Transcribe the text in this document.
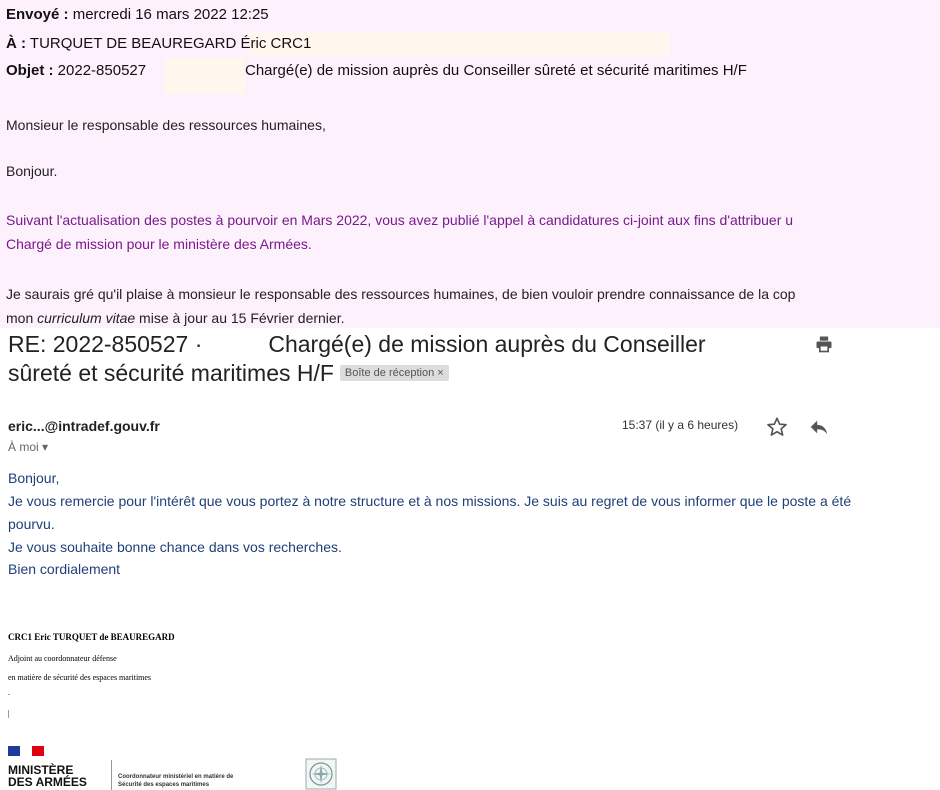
Envoyé : mercredi 16 mars 2022 12:25
À : TURQUET DE BEAUREGARD Éric CRC1
Objet : 2022-850527	Chargé(e) de mission auprès du Conseiller sûreté et sécurité maritimes H/F
Monsieur le responsable des ressources humaines,
Bonjour.
Suivant l'actualisation des postes à pourvoir en Mars 2022, vous avez publié l'appel à candidatures ci-joint aux fins d'attribuer u
Chargé de mission pour le ministère des Armées.
Je saurais gré qu'il plaise à monsieur le responsable des ressources humaines, de bien vouloir prendre connaissance de la cop
mon curriculum vitae mise à jour au 15 Février dernier.
RE: 2022-850527 ·	Chargé(e) de mission auprès du Conseiller
sûreté et sécurité maritimes H/F Boîte de réception ×
eric...@intradef.gouv.fr
À moi ▾
15:37 (il y a 6 heures)
Bonjour,
Je vous remercie pour l'intérêt que vous portez à notre structure et à nos missions. Je suis au regret de vous informer que le poste a été
pourvu.
Je vous souhaite bonne chance dans vos recherches.
Bien cordialement
CRC1 Eric TURQUET de BEAUREGARD
Adjoint au coordonnateur défense
en matière de sécurité des espaces maritimes
.
|
MINISTÈRE
DES ARMÉES	Coordonnateur ministériel en matière de
Sécurité des espaces maritimes
